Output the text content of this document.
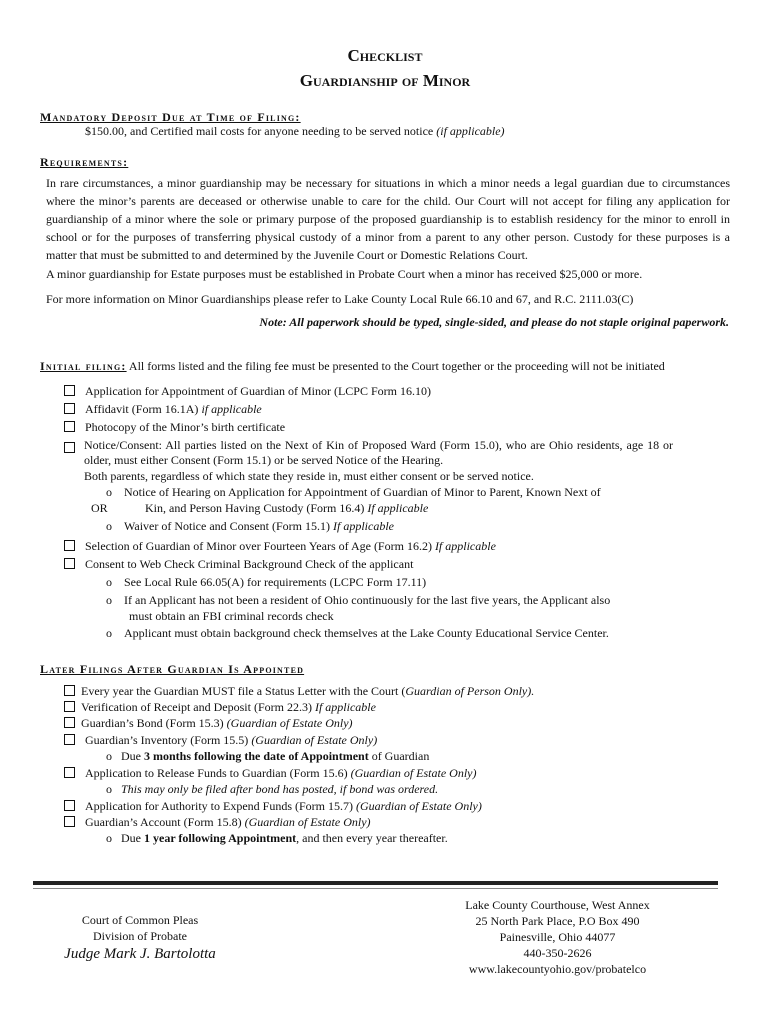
Checklist
Guardianship of Minor
Mandatory Deposit Due at Time of Filing:
$150.00, and Certified mail costs for anyone needing to be served notice (if applicable)
Requirements:
In rare circumstances, a minor guardianship may be necessary for situations in which a minor needs a legal guardian due to circumstances where the minor’s parents are deceased or otherwise unable to care for the child. Our Court will not accept for filing any application for guardianship of a minor where the sole or primary purpose of the proposed guardianship is to establish residency for the minor to enroll in school or for the purposes of transferring physical custody of a minor from a parent to any other person. Custody for these purposes is a matter that must be submitted to and determined by the Juvenile Court or Domestic Relations Court.
A minor guardianship for Estate purposes must be established in Probate Court when a minor has received $25,000 or more.
For more information on Minor Guardianships please refer to Lake County Local Rule 66.10 and 67, and R.C. 2111.03(C)
Note: All paperwork should be typed, single-sided, and please do not staple original paperwork.
Initial filing: All forms listed and the filing fee must be presented to the Court together or the proceeding will not be initiated
Application for Appointment of Guardian of Minor (LCPC Form 16.10)
Affidavit (Form 16.1A) if applicable
Photocopy of the Minor’s birth certificate
Notice/Consent: All parties listed on the Next of Kin of Proposed Ward (Form 15.0), who are Ohio residents, age 18 or older, must either Consent (Form 15.1) or be served Notice of the Hearing.
Both parents, regardless of which state they reside in, must either consent or be served notice.
o Notice of Hearing on Application for Appointment of Guardian of Minor to Parent, Known Next of
OR	Kin, and Person Having Custody (Form 16.4) If applicable
o Waiver of Notice and Consent (Form 15.1) If applicable
Selection of Guardian of Minor over Fourteen Years of Age (Form 16.2) If applicable
Consent to Web Check Criminal Background Check of the applicant
o See Local Rule 66.05(A) for requirements (LCPC Form 17.11)
o If an Applicant has not been a resident of Ohio continuously for the last five years, the Applicant also
must obtain an FBI criminal records check
o Applicant must obtain background check themselves at the Lake County Educational Service Center.
Later Filings After Guardian Is Appointed
Every year the Guardian MUST file a Status Letter with the Court (Guardian of Person Only).
Verification of Receipt and Deposit (Form 22.3) If applicable
Guardian’s Bond (Form 15.3) (Guardian of Estate Only)
Guardian’s Inventory (Form 15.5) (Guardian of Estate Only)
o Due 3 months following the date of Appointment of Guardian
Application to Release Funds to Guardian (Form 15.6) (Guardian of Estate Only)
o This may only be filed after bond has posted, if bond was ordered.
Application for Authority to Expend Funds (Form 15.7) (Guardian of Estate Only)
Guardian’s Account (Form 15.8) (Guardian of Estate Only)
o Due 1 year following Appointment, and then every year thereafter.
Court of Common Pleas
Division of Probate
Judge Mark J. Bartolotta
Lake County Courthouse, West Annex
25 North Park Place, P.O Box 490
Painesville, Ohio 44077
440-350-2626
www.lakecountyohio.gov/probatelco
